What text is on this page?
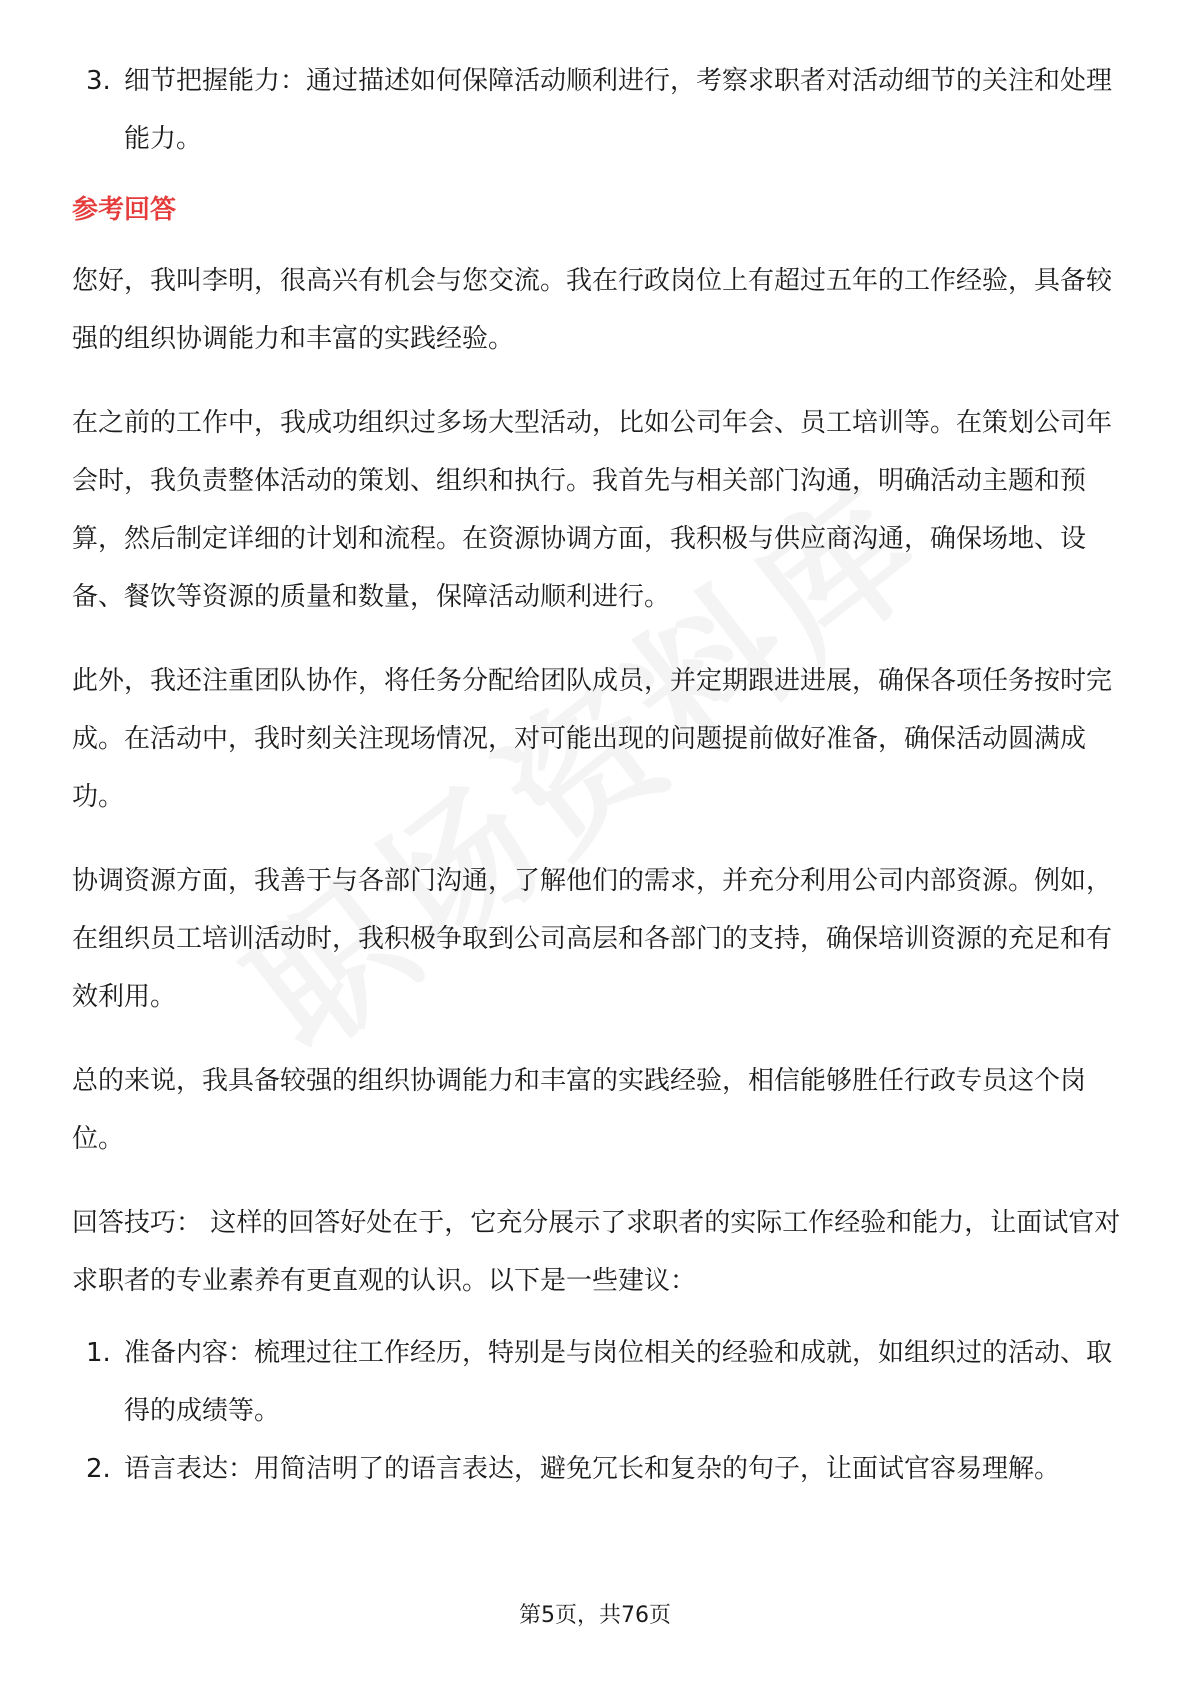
3. 细节把握能力：通过描述如何保障活动顺利进行，考察求职者对活动细节的关注和处理能力。
参考回答

您好，我叫李明，很高兴有机会与您交流。我在行政岗位上有超过五年的工作经验，具备较强的组织协调能力和丰富的实践经验。

在之前的工作中，我成功组织过多场大型活动，比如公司年会、员工培训等。在策划公司年会时，我负责整体活动的策划、组织和执行。我首先与相关部门沟通，明确活动主题和预算，然后制定详细的计划和流程。在资源协调方面，我积极与供应商沟通，确保场地、设备、餐饮等资源的质量和数量，保障活动顺利进行。

此外，我还注重团队协作，将任务分配给团队成员，并定期跟进进展，确保各项任务按时完成。在活动中，我时刻关注现场情况，对可能出现的问题提前做好准备，确保活动圆满成功。

协调资源方面，我善于与各部门沟通，了解他们的需求，并充分利用公司内部资源。例如，在组织员工培训活动时，我积极争取到公司高层和各部门的支持，确保培训资源的充足和有效利用。

总的来说，我具备较强的组织协调能力和丰富的实践经验，相信能够胜任行政专员这个岗位。

回答技巧： 这样的回答好处在于，它充分展示了求职者的实际工作经验和能力，让面试官对求职者的专业素养有更直观的认识。以下是一些建议：

1. 准备内容：梳理过往工作经历，特别是与岗位相关的经验和成就，如组织过的活动、取得的成绩等。
2. 语言表达：用简洁明了的语言表达，避免冗长和复杂的句子，让面试官容易理解。
第5页，共76页
